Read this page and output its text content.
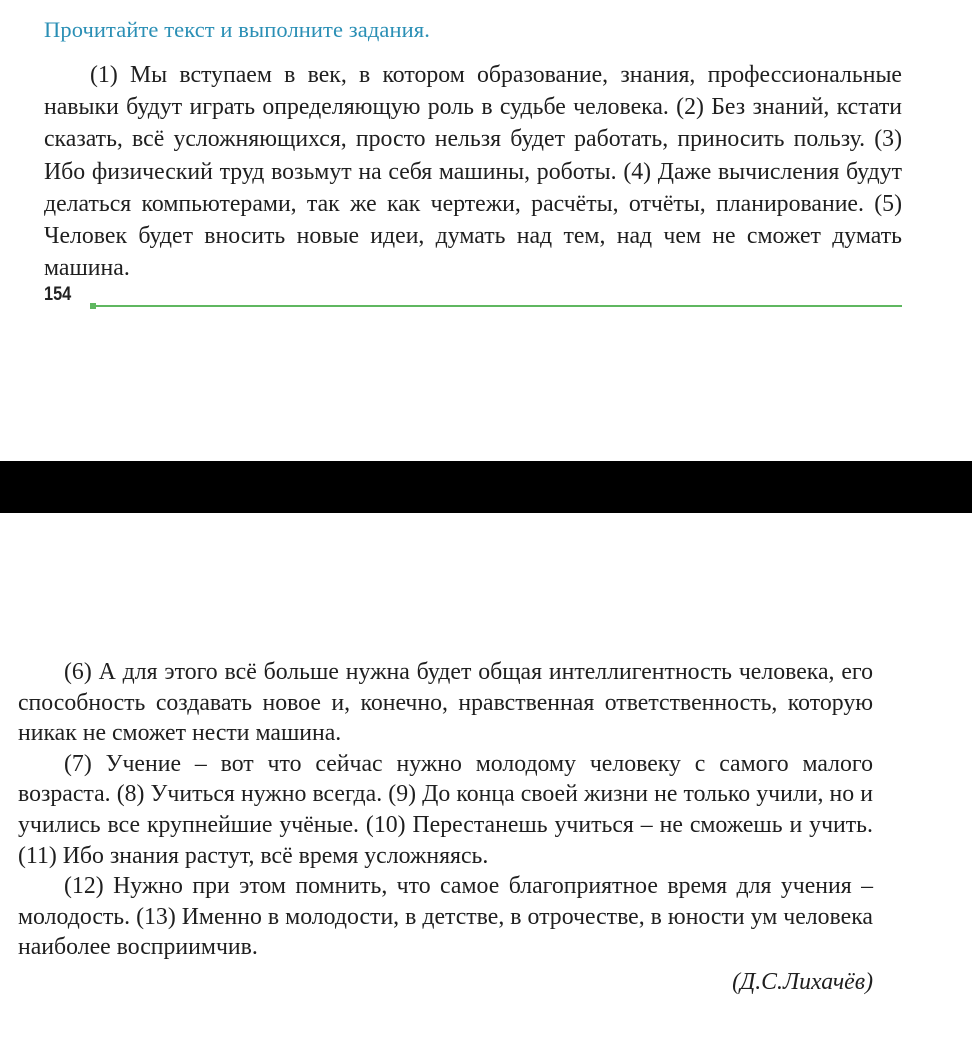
Прочитайте текст и выполните задания.

(1) Мы вступаем в век, в котором образование, знания, профессиональные навыки будут играть определяющую роль в судьбе человека. (2) Без знаний, кстати сказать, всё усложняющихся, просто нельзя будет работать, приносить пользу. (3) Ибо физический труд возьмут на себя машины, роботы. (4) Даже вычисления будут делаться компьютерами, так же как чертежи, расчёты, отчёты, планирование. (5) Человек будет вносить новые идеи, думать над тем, над чем не сможет думать машина.

154

(6) А для этого всё больше нужна будет общая интеллигентность человека, его способность создавать новое и, конечно, нравственная ответственность, которую никак не сможет нести машина.

(7) Учение – вот что сейчас нужно молодому человеку с самого малого возраста. (8) Учиться нужно всегда. (9) До конца своей жизни не только учили, но и учились все крупнейшие учёные. (10) Перестанешь учиться – не сможешь и учить. (11) Ибо знания растут, всё время усложняясь.

(12) Нужно при этом помнить, что самое благоприятное время для учения – молодость. (13) Именно в молодости, в детстве, в отрочестве, в юности ум человека наиболее восприимчив.

(Д.С.Лихачёв)
